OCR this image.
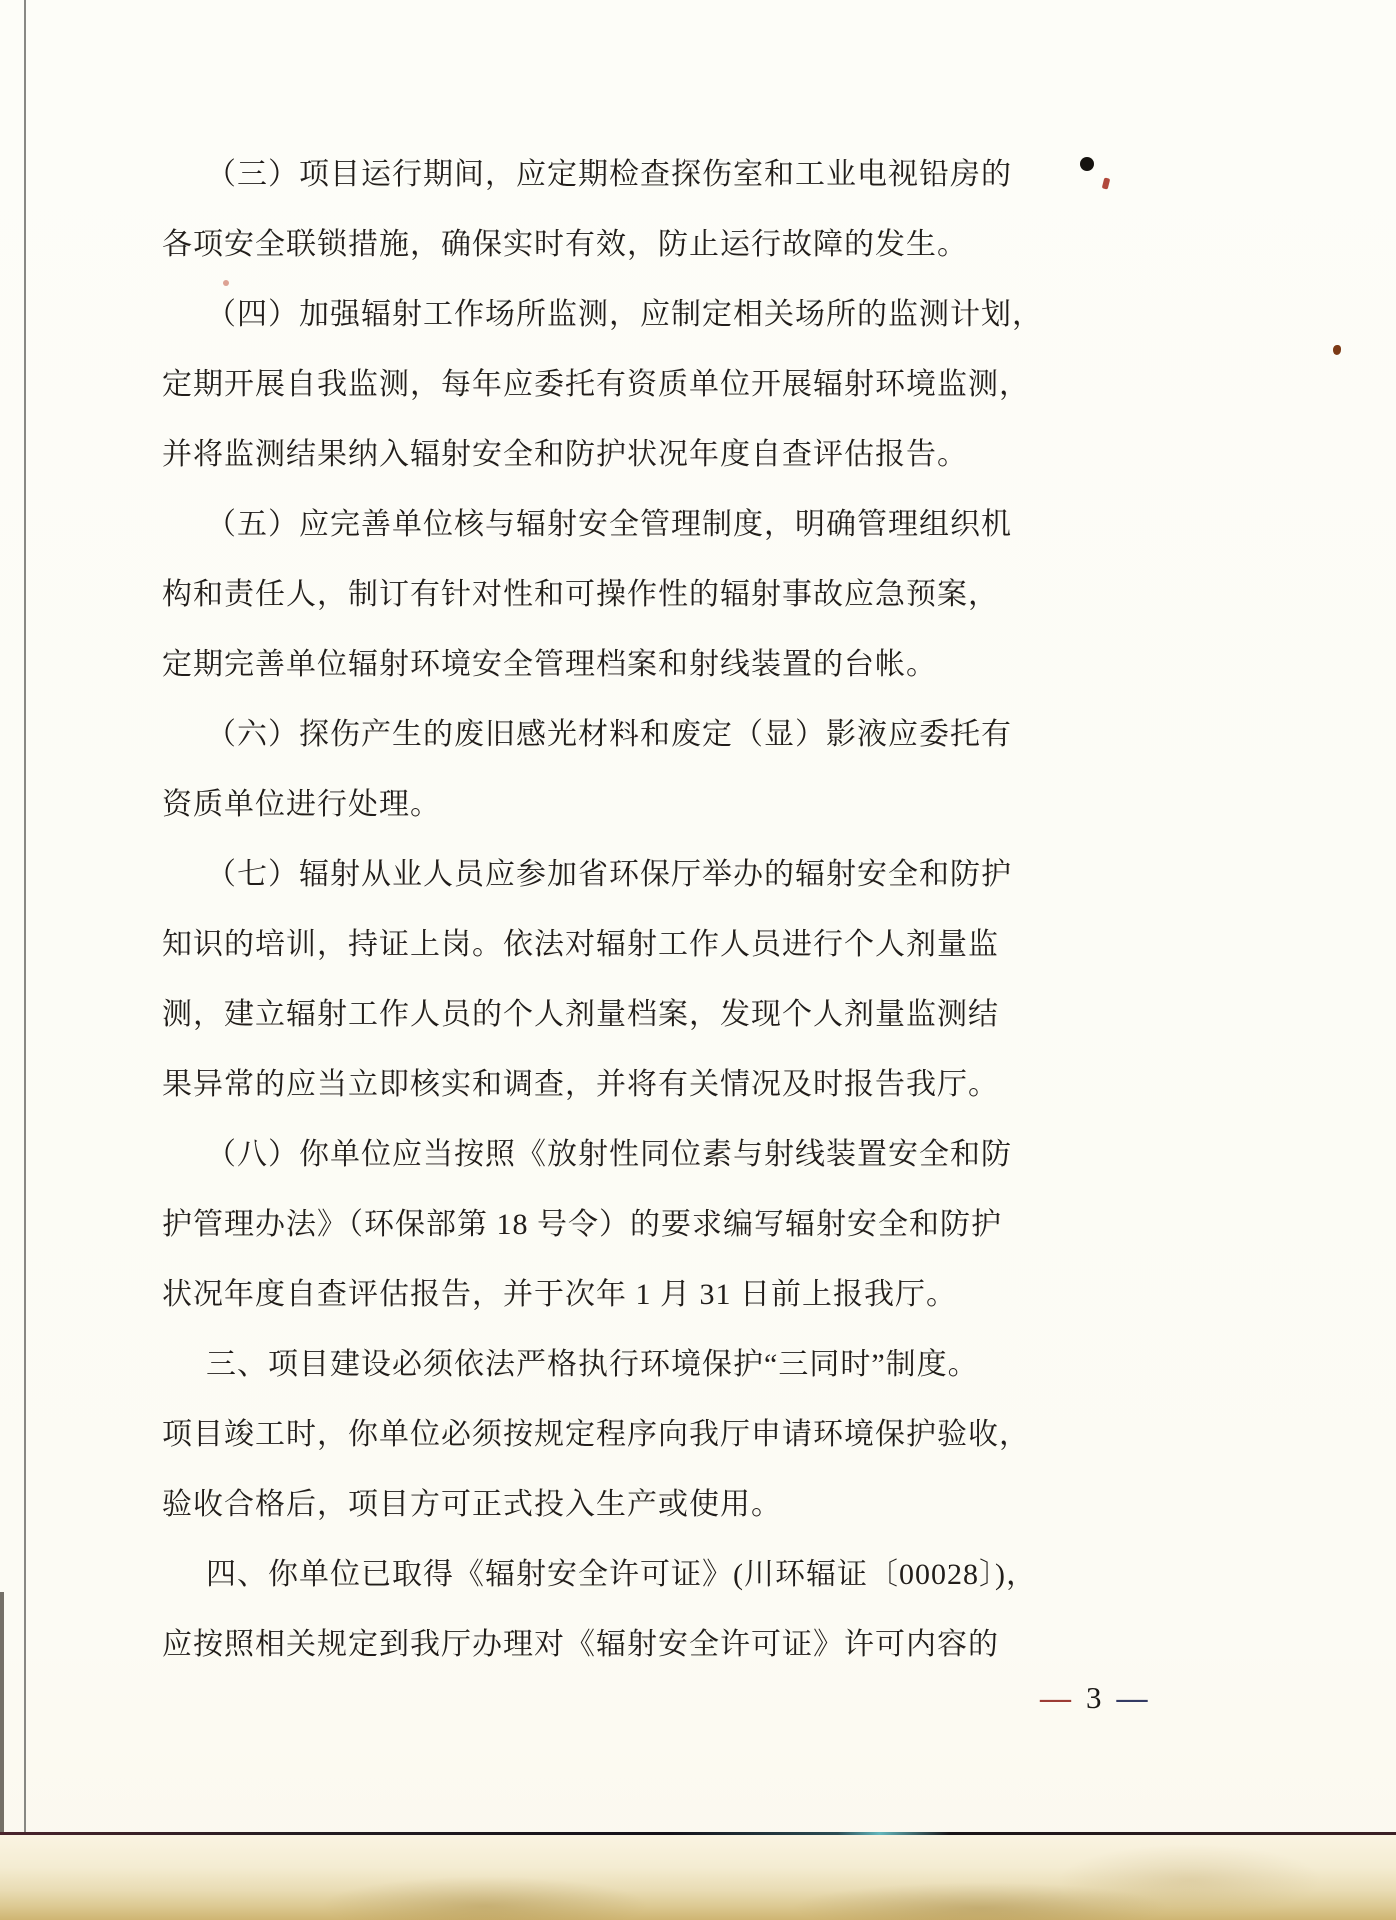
（三）项目运行期间，应定期检查探伤室和工业电视铅房的
各项安全联锁措施，确保实时有效，防止运行故障的发生。
（四）加强辐射工作场所监测，应制定相关场所的监测计划，
定期开展自我监测，每年应委托有资质单位开展辐射环境监测，
并将监测结果纳入辐射安全和防护状况年度自查评估报告。
（五）应完善单位核与辐射安全管理制度，明确管理组织机
构和责任人，制订有针对性和可操作性的辐射事故应急预案，
定期完善单位辐射环境安全管理档案和射线装置的台帐。
（六）探伤产生的废旧感光材料和废定（显）影液应委托有
资质单位进行处理。
（七）辐射从业人员应参加省环保厅举办的辐射安全和防护
知识的培训，持证上岗。依法对辐射工作人员进行个人剂量监
测，建立辐射工作人员的个人剂量档案，发现个人剂量监测结
果异常的应当立即核实和调查，并将有关情况及时报告我厅。
（八）你单位应当按照《放射性同位素与射线装置安全和防
护管理办法》（环保部第 18 号令）的要求编写辐射安全和防护
状况年度自查评估报告，并于次年 1 月 31 日前上报我厅。
三、项目建设必须依法严格执行环境保护“三同时”制度。
项目竣工时，你单位必须按规定程序向我厅申请环境保护验收，
验收合格后，项目方可正式投入生产或使用。
四、你单位已取得《辐射安全许可证》(川环辐证〔00028〕)，
应按照相关规定到我厅办理对《辐射安全许可证》许可内容的
— 3 —
